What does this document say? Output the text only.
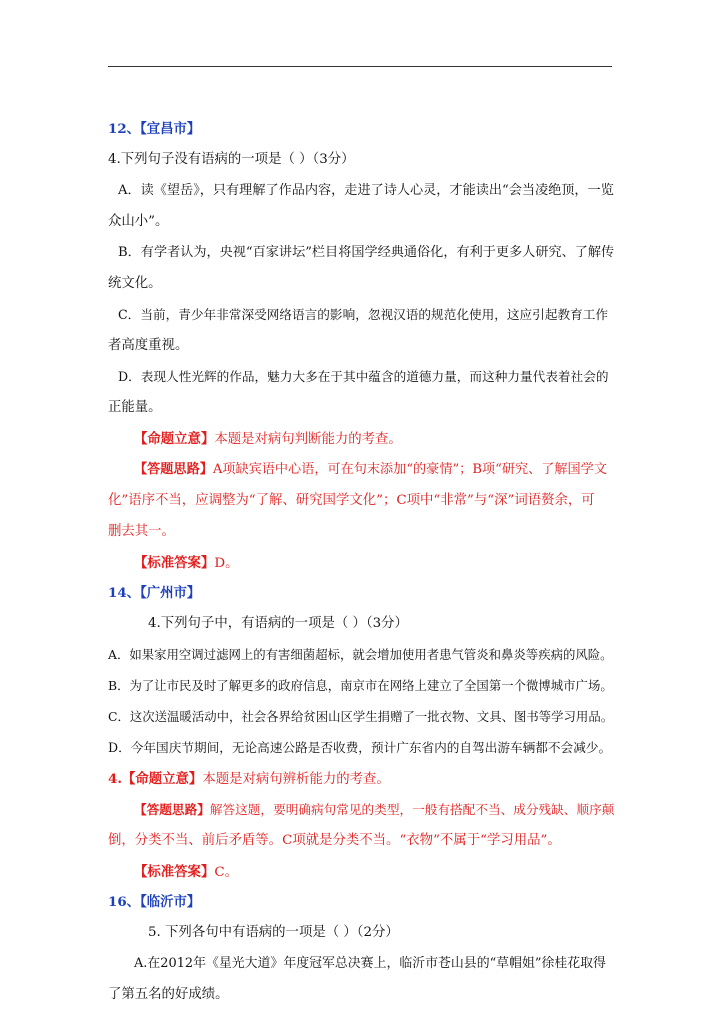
12、【宜昌市】

4.下列句子没有语病的一项是（ ）（3分）

A．读《望岳》，只有理解了作品内容，走进了诗人心灵，才能读出“会当凌绝顶，一览

众山小”。

B．有学者认为，央视“百家讲坛”栏目将国学经典通俗化，有利于更多人研究、了解传

统文化。

C．当前，青少年非常深受网络语言的影响，忽视汉语的规范化使用，这应引起教育工作

者高度重视。

D．表现人性光辉的作品，魅力大多在于其中蕴含的道德力量，而这种力量代表着社会的

正能量。

【命题立意】本题是对病句判断能力的考查。

【答题思路】A项缺宾语中心语，可在句末添加“的豪情”；B项“研究、了解国学文

化”语序不当，应调整为“了解、研究国学文化”；C项中“非常”与“深”词语赘余，可

删去其一。

【标准答案】D。

14、【广州市】

4.下列句子中，有语病的一项是（ ）（3分）

A．如果家用空调过滤网上的有害细菌超标，就会增加使用者患气管炎和鼻炎等疾病的风险。

B．为了让市民及时了解更多的政府信息，南京市在网络上建立了全国第一个微博城市广场。

C．这次送温暖活动中，社会各界给贫困山区学生捐赠了一批衣物、文具、图书等学习用品。

D．今年国庆节期间，无论高速公路是否收费，预计广东省内的自驾出游车辆都不会减少。

4.【命题立意】本题是对病句辨析能力的考查。

【答题思路】解答这题，要明确病句常见的类型，一般有搭配不当、成分残缺、顺序颠

倒，分类不当、前后矛盾等。C项就是分类不当。“衣物”不属于“学习用品”。

【标准答案】C。

16、【临沂市】

5. 下列各句中有语病的一项是（ ）（2分）

A.在2012年《星光大道》年度冠军总决赛上，临沂市苍山县的“草帽姐”徐桂花取得

了第五名的好成绩。
